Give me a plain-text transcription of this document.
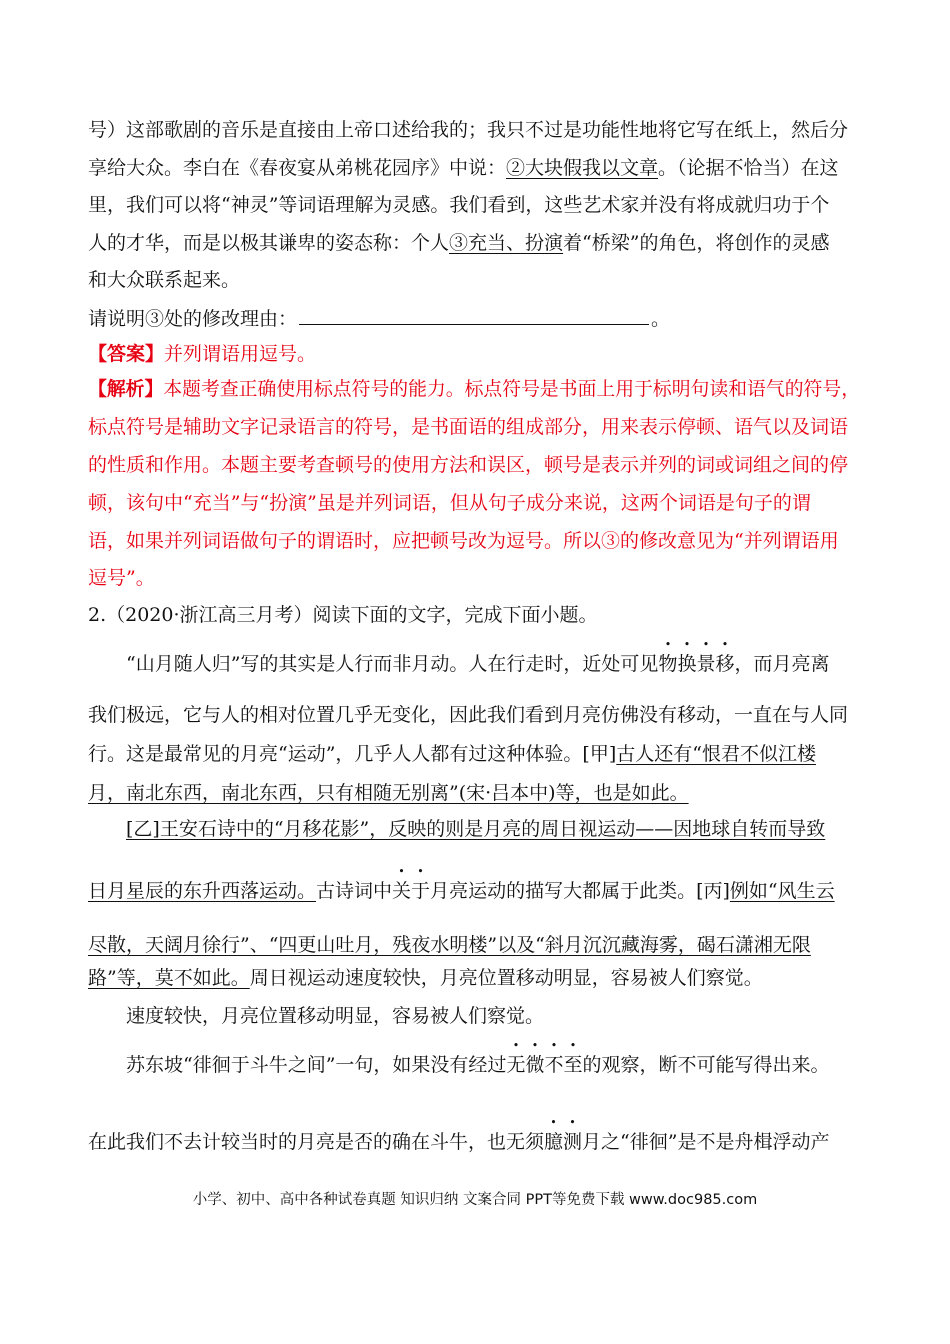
号）这部歌剧的音乐是直接由上帝口述给我的；我只不过是功能性地将它写在纸上，然后分
享给大众。李白在《春夜宴从弟桃花园序》中说：②大块假我以文章。（论据不恰当）在这
里，我们可以将“神灵”等词语理解为灵感。我们看到，这些艺术家并没有将成就归功于个
人的才华，而是以极其谦卑的姿态称：个人③充当、扮演着“桥梁”的角色，将创作的灵感
和大众联系起来。
请说明③处的修改理由：	。
【答案】并列谓语用逗号。
【解析】本题考查正确使用标点符号的能力。标点符号是书面上用于标明句读和语气的符号，
标点符号是辅助文字记录语言的符号，是书面语的组成部分，用来表示停顿、语气以及词语
的性质和作用。本题主要考查顿号的使用方法和误区，顿号是表示并列的词或词组之间的停
顿，该句中“充当”与“扮演”虽是并列词语，但从句子成分来说，这两个词语是句子的谓
语，如果并列词语做句子的谓语时，应把顿号改为逗号。所以③的修改意见为“并列谓语用
逗号”。
2.（2020·浙江高三月考）阅读下面的文字，完成下面小题。
“山月随人归”写的其实是人行而非月动。人在行走时，近处可见物换景移，而月亮离
我们极远，它与人的相对位置几乎无变化，因此我们看到月亮仿佛没有移动，一直在与人同
行。这是最常见的月亮“运动”，几乎人人都有过这种体验。[甲]古人还有“恨君不似江楼
月，南北东西，南北东西，只有相随无别离”(宋·吕本中)等，也是如此。
[乙]王安石诗中的“月移花影”，反映的则是月亮的周日视运动——因地球自转而导致
日月星辰的东升西落运动。古诗词中关于月亮运动的描写大都属于此类。[丙]例如“风生云
尽散，天阔月徐行”、“四更山吐月，残夜水明楼”以及“斜月沉沉藏海雾，碣石潇湘无限
路”等，莫不如此。周日视运动速度较快，月亮位置移动明显，容易被人们察觉。
速度较快，月亮位置移动明显，容易被人们察觉。
苏东坡“徘徊于斗牛之间”一句，如果没有经过无微不至的观察，断不可能写得出来。
在此我们不去计较当时的月亮是否的确在斗牛，也无须臆测月之“徘徊”是不是舟楫浮动产
小学、初中、高中各种试卷真题 知识归纳 文案合同 PPT等免费下载 www.doc985.com
